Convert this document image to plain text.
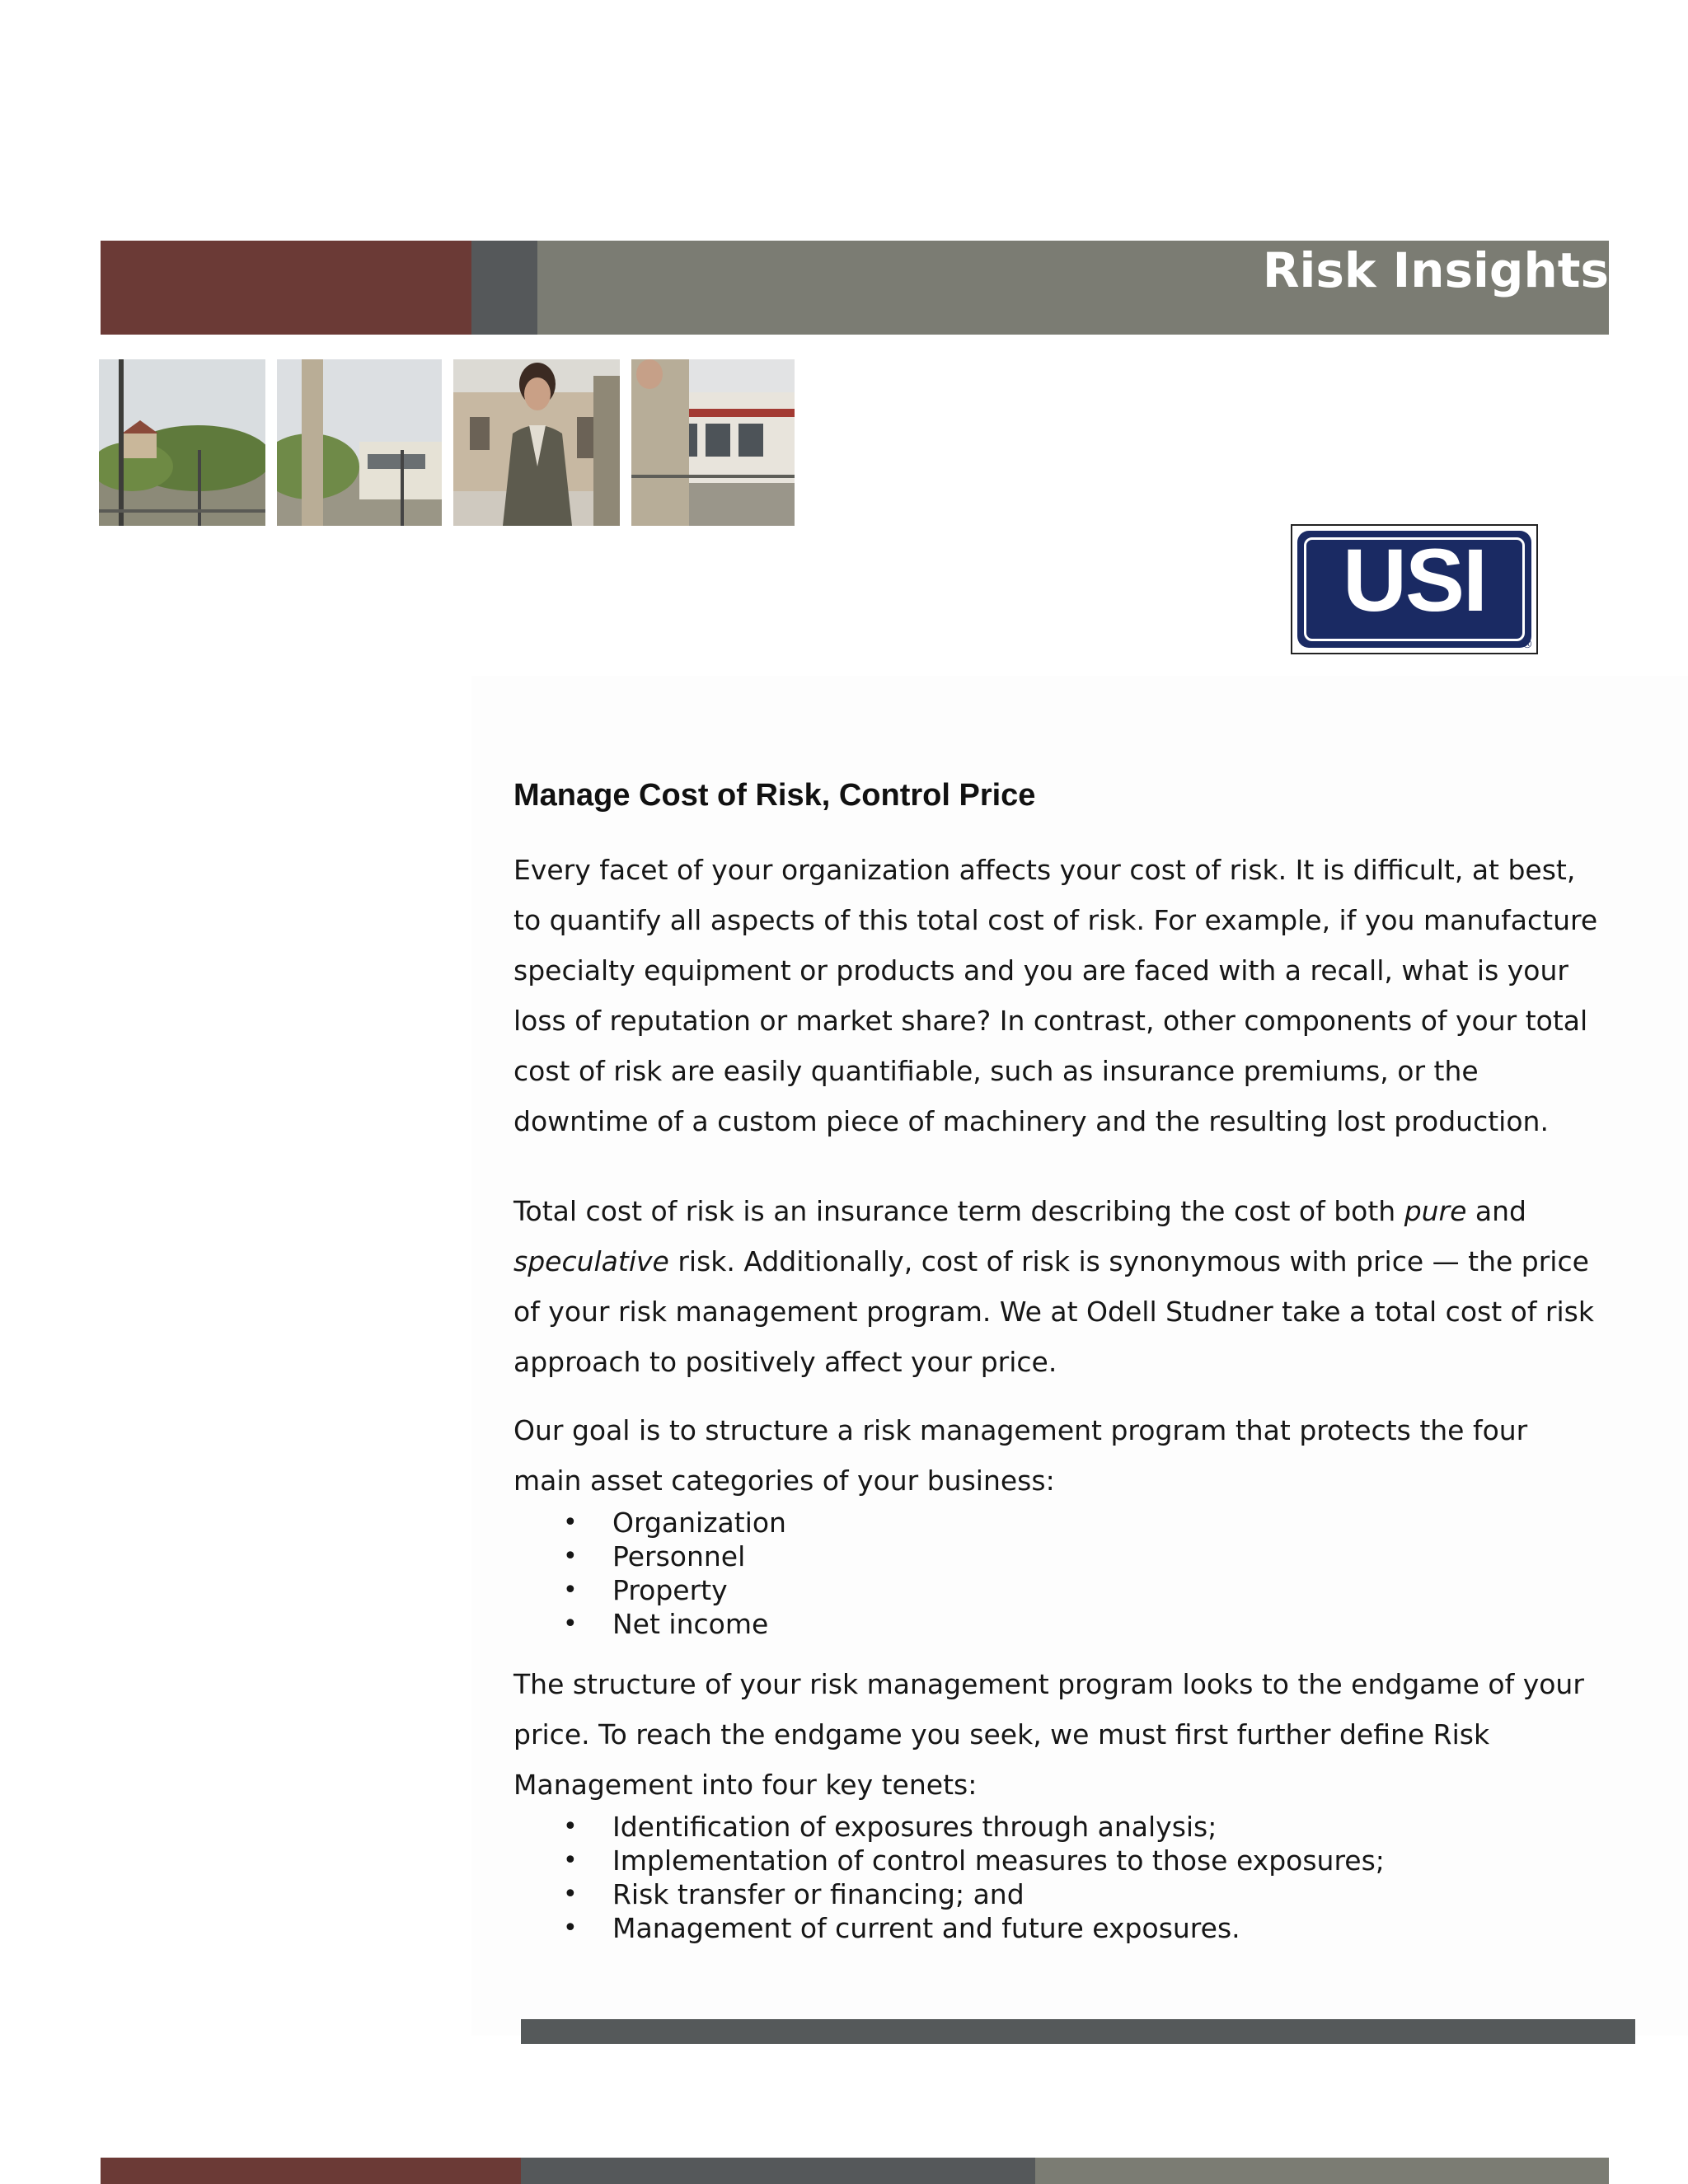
Risk Insights
USI
®
Manage Cost of Risk, Control Price

Every facet of your organization affects your cost of risk. It is difficult, at best, to quantify all aspects of this total cost of risk. For example, if you manufacture specialty equipment or products and you are faced with a recall, what is your loss of reputation or market share? In contrast, other components of your total cost of risk are easily quantifiable, such as insurance premiums, or the downtime of a custom piece of machinery and the resulting lost production.

Total cost of risk is an insurance term describing the cost of both pure and speculative risk. Additionally, cost of risk is synonymous with price — the price of your risk management program. We at Odell Studner take a total cost of risk approach to positively affect your price.

Our goal is to structure a risk management program that protects the four main asset categories of your business:

• Organization
• Personnel
• Property
• Net income

The structure of your risk management program looks to the endgame of your price. To reach the endgame you seek, we must first further define Risk Management into four key tenets:

• Identification of exposures through analysis;
• Implementation of control measures to those exposures;
• Risk transfer or financing; and
• Management of current and future exposures.
